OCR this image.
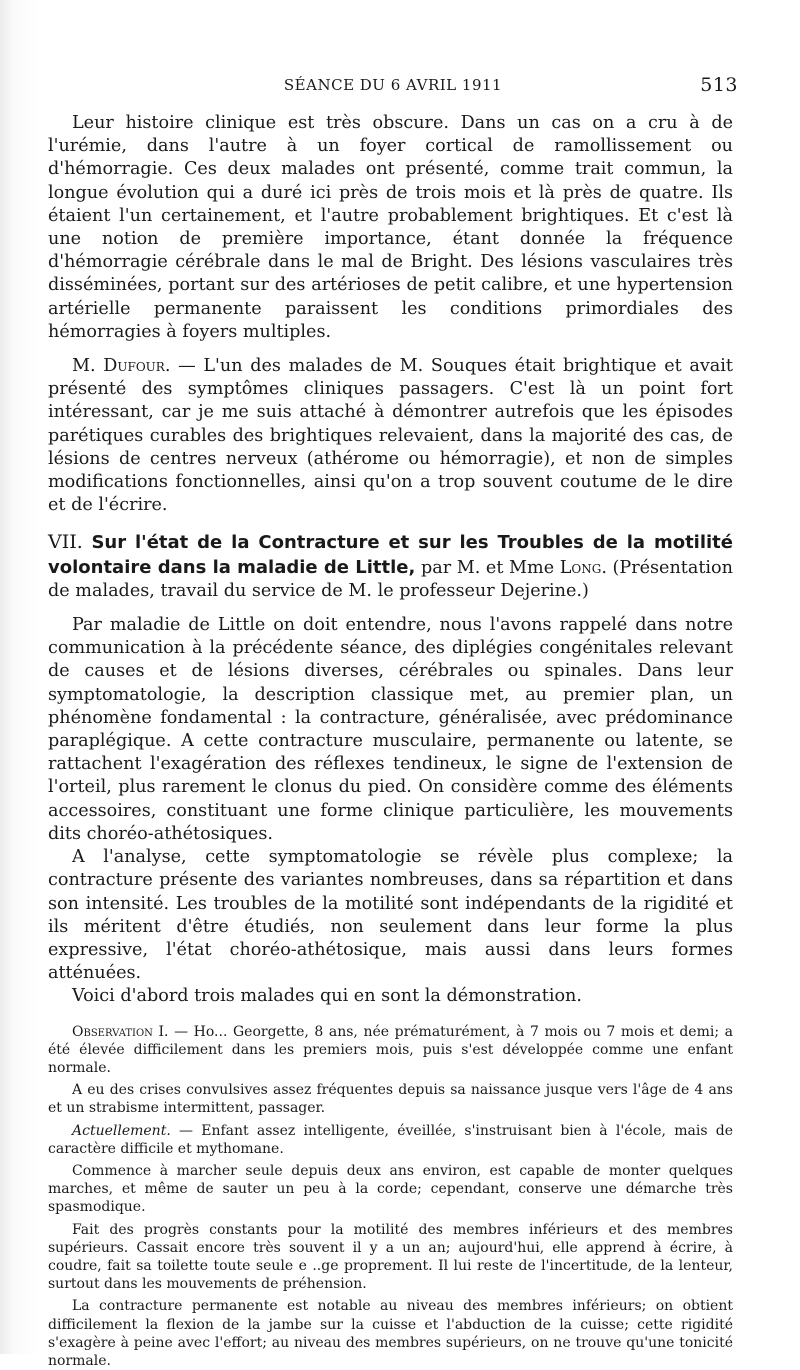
SÉANCE DU 6 AVRIL 1911	513

Leur histoire clinique est très obscure. Dans un cas on a cru à de l'urémie, dans l'autre à un foyer cortical de ramollissement ou d'hémorragie. Ces deux malades ont présenté, comme trait commun, la longue évolution qui a duré ici près de trois mois et là près de quatre. Ils étaient l'un certainement, et l'autre probablement brightiques. Et c'est là une notion de première importance, étant donnée la fréquence d'hémorragie cérébrale dans le mal de Bright. Des lésions vasculaires très disséminées, portant sur des artérioses de petit calibre, et une hypertension artérielle permanente paraissent les conditions primordiales des hémorragies à foyers multiples.

M. Dufour. — L'un des malades de M. Souques était brightique et avait présenté des symptômes cliniques passagers. C'est là un point fort intéressant, car je me suis attaché à démontrer autrefois que les épisodes parétiques curables des brightiques relevaient, dans la majorité des cas, de lésions de centres nerveux (athérome ou hémorragie), et non de simples modifications fonctionnelles, ainsi qu'on a trop souvent coutume de le dire et de l'écrire.

VII. Sur l'état de la Contracture et sur les Troubles de la motilité volontaire dans la maladie de Little, par M. et Mme Long. (Présentation de malades, travail du service de M. le professeur Dejerine.)

Par maladie de Little on doit entendre, nous l'avons rappelé dans notre communication à la précédente séance, des diplégies congénitales relevant de causes et de lésions diverses, cérébrales ou spinales. Dans leur symptomatologie, la description classique met, au premier plan, un phénomène fondamental : la contracture, généralisée, avec prédominance paraplégique. A cette contracture musculaire, permanente ou latente, se rattachent l'exagération des réflexes tendineux, le signe de l'extension de l'orteil, plus rarement le clonus du pied. On considère comme des éléments accessoires, constituant une forme clinique particulière, les mouvements dits choréo-athétosiques.

A l'analyse, cette symptomatologie se révèle plus complexe; la contracture présente des variantes nombreuses, dans sa répartition et dans son intensité. Les troubles de la motilité sont indépendants de la rigidité et ils méritent d'être étudiés, non seulement dans leur forme la plus expressive, l'état choréo-athétosique, mais aussi dans leurs formes atténuées.

Voici d'abord trois malades qui en sont la démonstration.

Observation I. — Ho... Georgette, 8 ans, née prématurément, à 7 mois ou 7 mois et demi; a été élevée difficilement dans les premiers mois, puis s'est développée comme une enfant normale.

A eu des crises convulsives assez fréquentes depuis sa naissance jusque vers l'âge de 4 ans et un strabisme intermittent, passager.

Actuellement. — Enfant assez intelligente, éveillée, s'instruisant bien à l'école, mais de caractère difficile et mythomane.

Commence à marcher seule depuis deux ans environ, est capable de monter quelques marches, et même de sauter un peu à la corde; cependant, conserve une démarche très spasmodique.

Fait des progrès constants pour la motilité des membres inférieurs et des membres supérieurs. Cassait encore très souvent il y a un an; aujourd'hui, elle apprend à écrire, à coudre, fait sa toilette toute seule e ..ge proprement. Il lui reste de l'incertitude, de la lenteur, surtout dans les mouvements de préhension.

La contracture permanente est notable au niveau des membres inférieurs; on obtient difficilement la flexion de la jambe sur la cuisse et l'abduction de la cuisse; cette rigidité s'exagère à peine avec l'effort; au niveau des membres supérieurs, on ne trouve qu'une tonicité normale.
